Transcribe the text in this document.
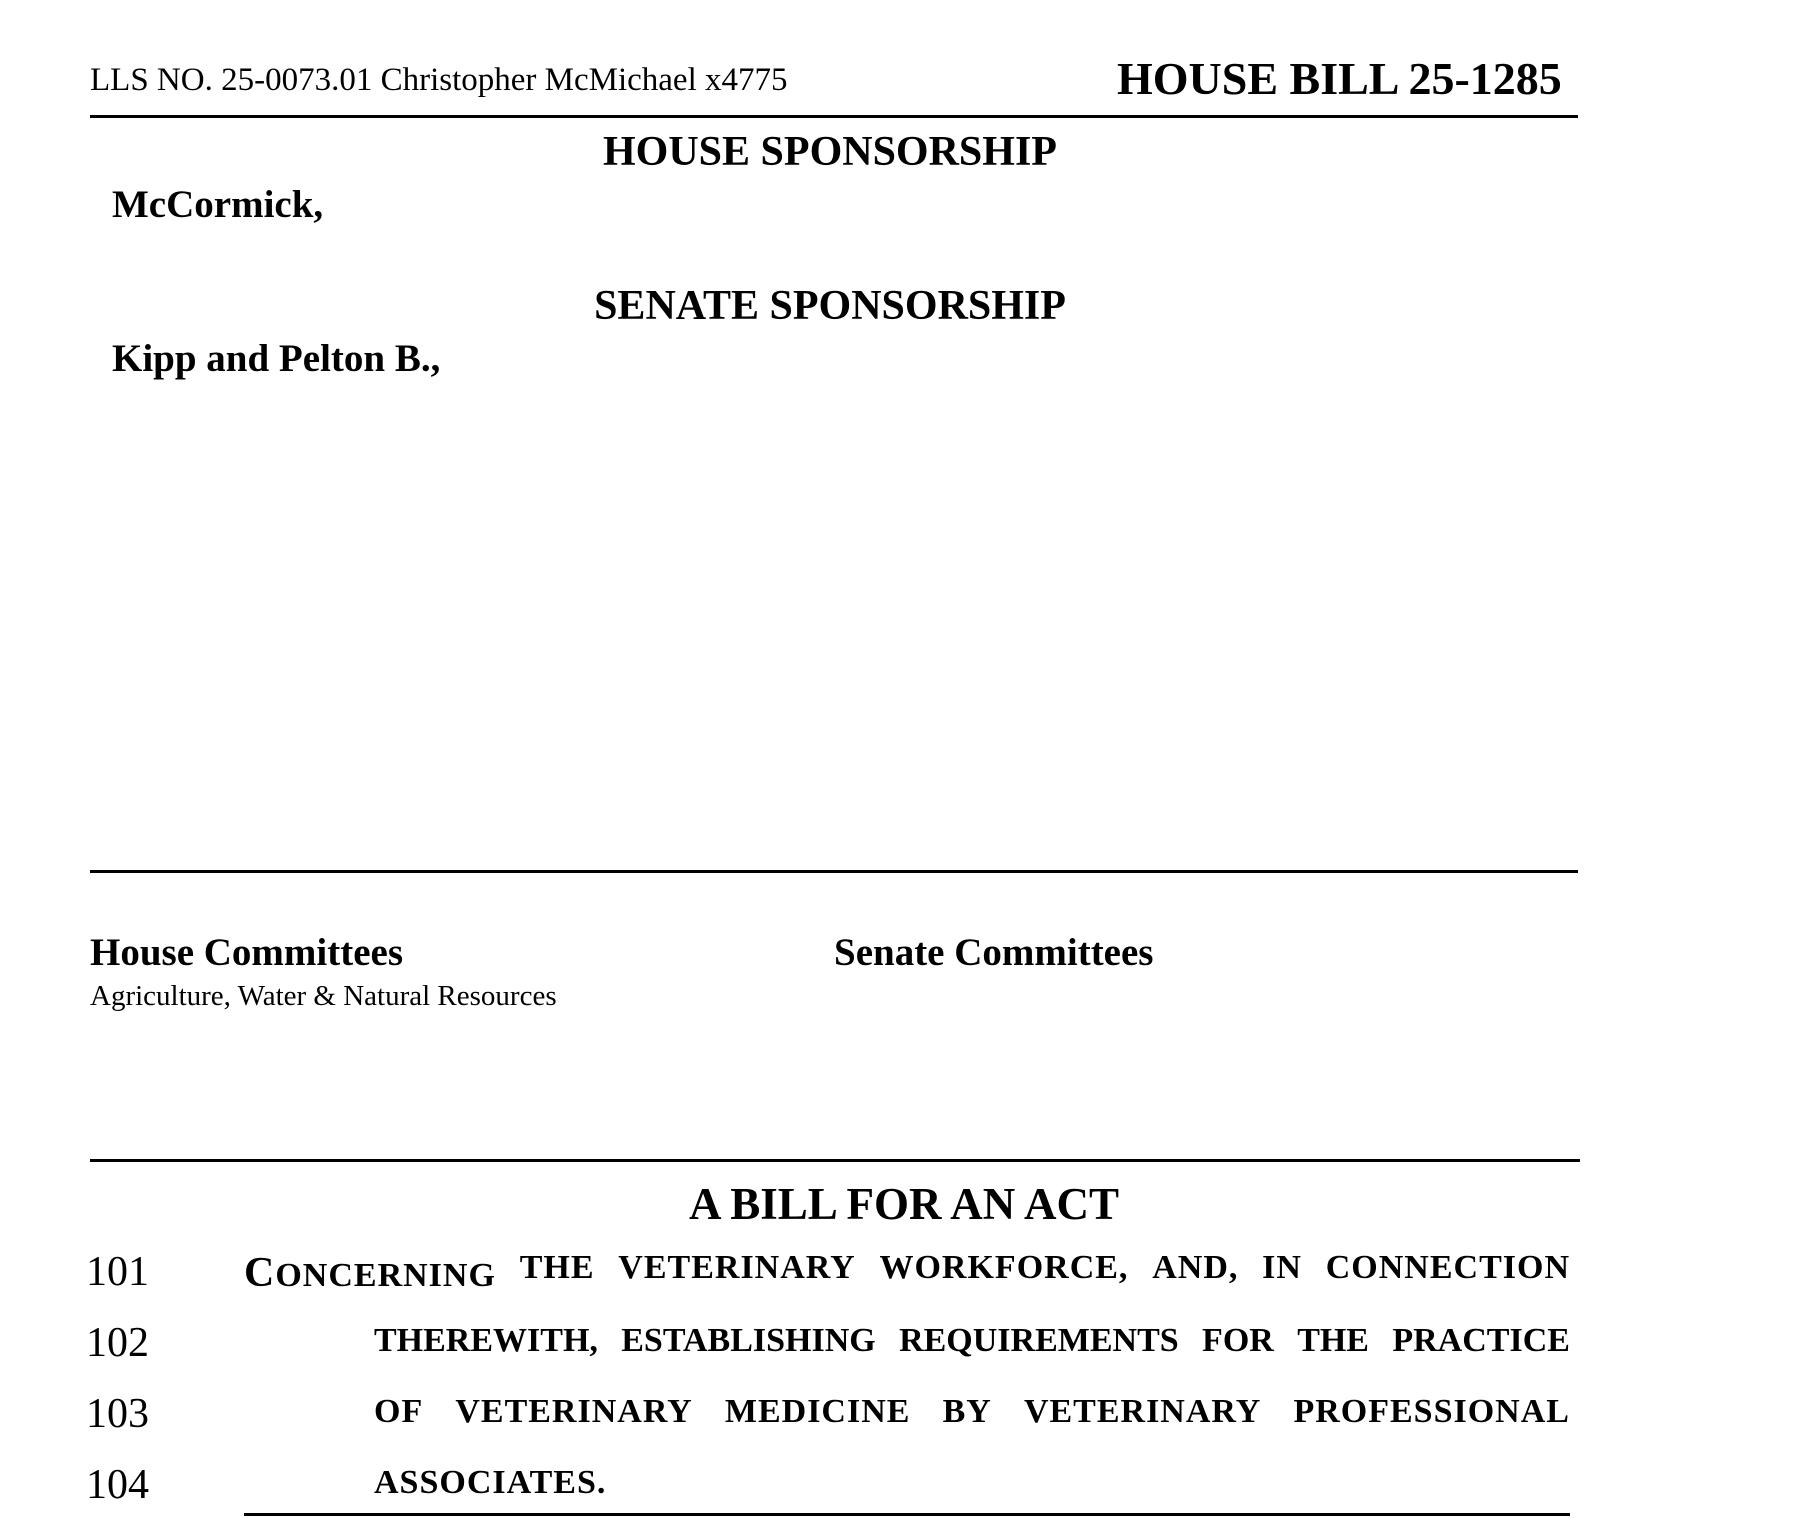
LLS NO. 25-0073.01 Christopher McMichael x4775	HOUSE BILL 25-1285
HOUSE SPONSORSHIP
McCormick,
SENATE SPONSORSHIP
Kipp and Pelton B.,
House Committees
Agriculture, Water & Natural Resources
Senate Committees
A BILL FOR AN ACT
101
102
103
104
CONCERNING THE VETERINARY WORKFORCE, AND, IN CONNECTION
THEREWITH, ESTABLISHING REQUIREMENTS FOR THE PRACTICE
OF VETERINARY MEDICINE BY VETERINARY PROFESSIONAL
ASSOCIATES.
